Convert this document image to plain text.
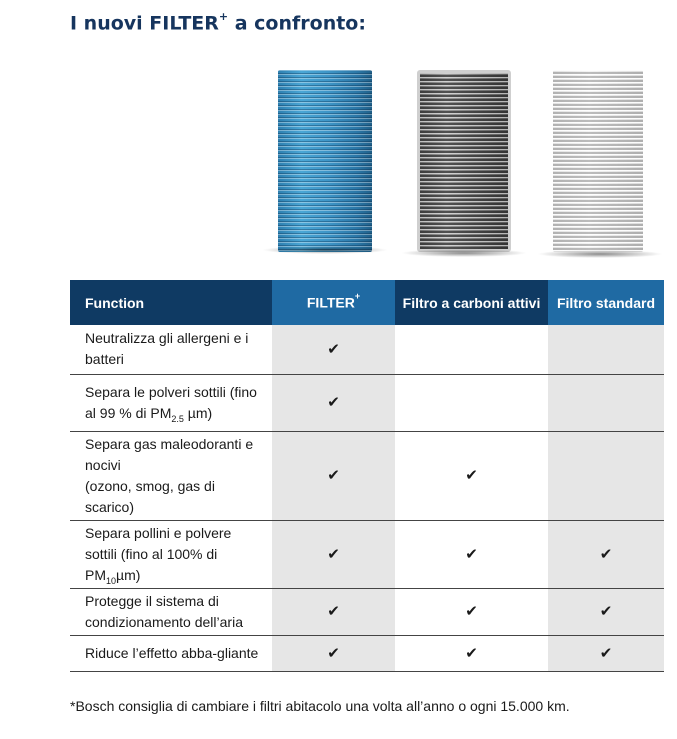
I nuovi FILTER+ a confronto:
Function	FILTER+	Filtro a carboni attivi	Filtro standard
Neutralizza gli allergeni e i batteri	✔		
Separa le polveri sottili (fino al 99 % di $PM_{2.5}$ µm)	✔		
Separa gas maleodoranti e nocivi
(ozono, smog, gas di scarico)	✔	✔	
Separa pollini e polvere sottili (fino al 100% di $PM_{10}\mu m$)	✔	✔	✔
Protegge il sistema di condizionamento dell’aria	✔	✔	✔
Riduce l’effetto abba-gliante	✔	✔	✔

*Bosch consiglia di cambiare i filtri abitacolo una volta all’anno o ogni 15.000 km.
